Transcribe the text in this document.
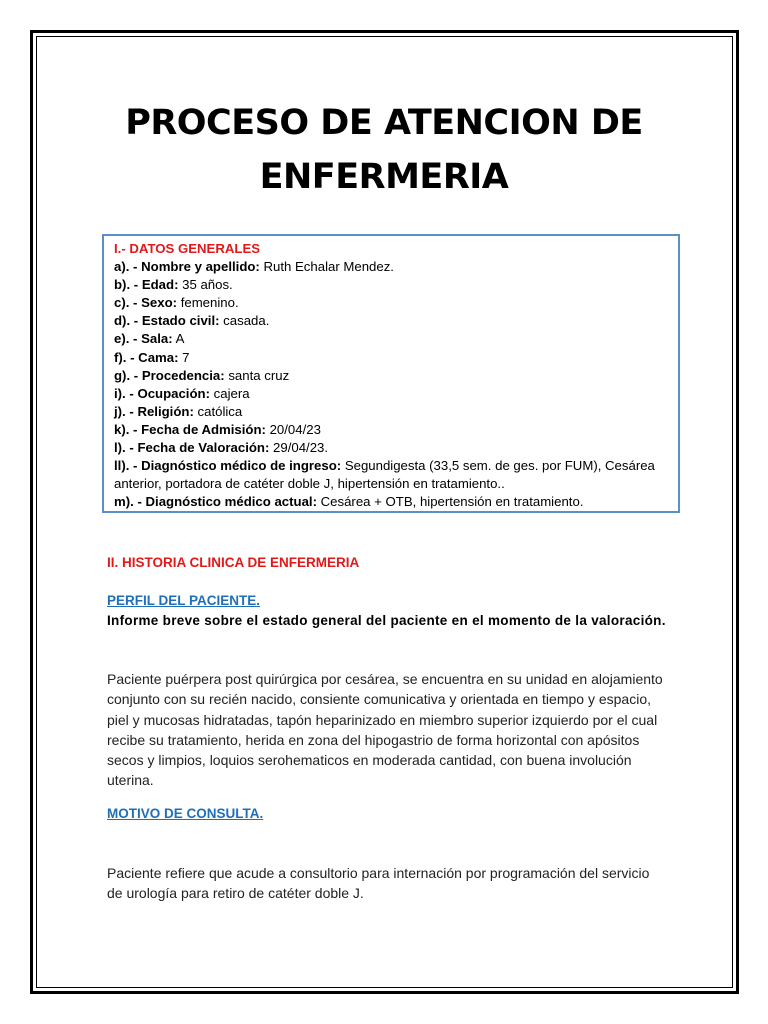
PROCESO DE ATENCION DE
ENFERMERIA
I.- DATOS GENERALES
a). - Nombre y apellido: Ruth Echalar Mendez.
b). - Edad: 35 años.
c). - Sexo: femenino.
d). - Estado civil: casada.
e). - Sala: A
f). - Cama: 7
g). - Procedencia: santa cruz
i). - Ocupación: cajera
j). - Religión: católica
k). - Fecha de Admisión: 20/04/23
l). - Fecha de Valoración: 29/04/23.
ll). - Diagnóstico médico de ingreso: Segundigesta (33,5 sem. de ges. por FUM), Cesárea anterior, portadora de catéter doble J, hipertensión en tratamiento..
m). - Diagnóstico médico actual: Cesárea + OTB, hipertensión en tratamiento.
II. HISTORIA CLINICA DE ENFERMERIA
PERFIL DEL PACIENTE.
Informe breve sobre el estado general del paciente en el momento de la valoración.
Paciente puérpera post quirúrgica por cesárea, se encuentra en su unidad en alojamiento conjunto con su recién nacido, consiente comunicativa y orientada en tiempo y espacio, piel y mucosas hidratadas, tapón heparinizado en miembro superior izquierdo por el cual recibe su tratamiento, herida en zona del hipogastrio de forma horizontal con apósitos secos y limpios, loquios serohematicos en moderada cantidad, con buena involución uterina.
MOTIVO DE CONSULTA.
Paciente refiere que acude a consultorio para internación por programación del servicio de urología para retiro de catéter doble J.
